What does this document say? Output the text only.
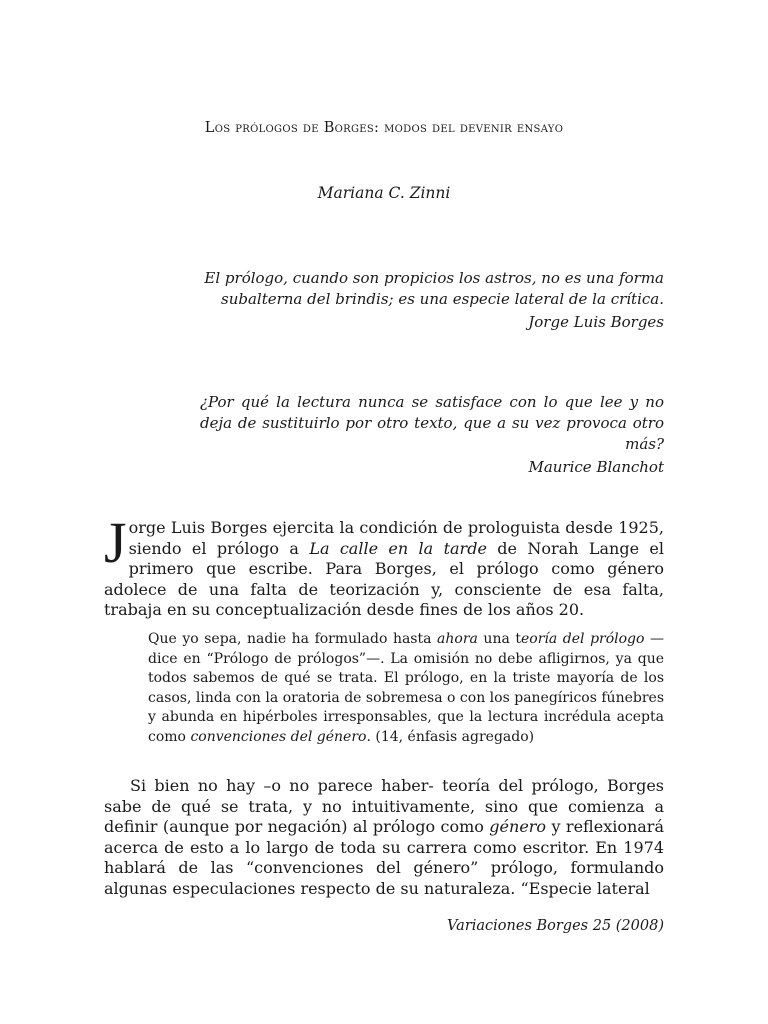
Los prólogos de Borges: modos del devenir ensayo
Mariana C. Zinni

El prólogo, cuando son propicios los astros, no es una forma subalterna del brindis; es una especie lateral de la crítica.

Jorge Luis Borges

¿Por qué la lectura nunca se satisface con lo que lee y no deja de sustituirlo por otro texto, que a su vez provoca otro más?

Maurice Blanchot

Jorge Luis Borges ejercita la condición de prologuista desde 1925, siendo el prólogo a La calle en la tarde de Norah Lange el primero que escribe. Para Borges, el prólogo como género adolece de una falta de teorización y, consciente de esa falta, trabaja en su conceptualización desde fines de los años 20.

Que yo sepa, nadie ha formulado hasta ahora una teoría del prólogo —dice en “Prólogo de prólogos”—. La omisión no debe afligirnos, ya que todos sabemos de qué se trata. El prólogo, en la triste mayoría de los casos, linda con la oratoria de sobremesa o con los panegíricos fúnebres y abunda en hipérboles irresponsables, que la lectura incrédula acepta como convenciones del género. (14, énfasis agregado)

Si bien no hay –o no parece haber- teoría del prólogo, Borges sabe de qué se trata, y no intuitivamente, sino que comienza a definir (aunque por negación) al prólogo como género y reflexionará acerca de esto a lo largo de toda su carrera como escritor. En 1974 hablará de las “convenciones del género” prólogo, formulando algunas especulaciones respecto de su naturaleza. “Especie lateral

Variaciones Borges 25 (2008)
